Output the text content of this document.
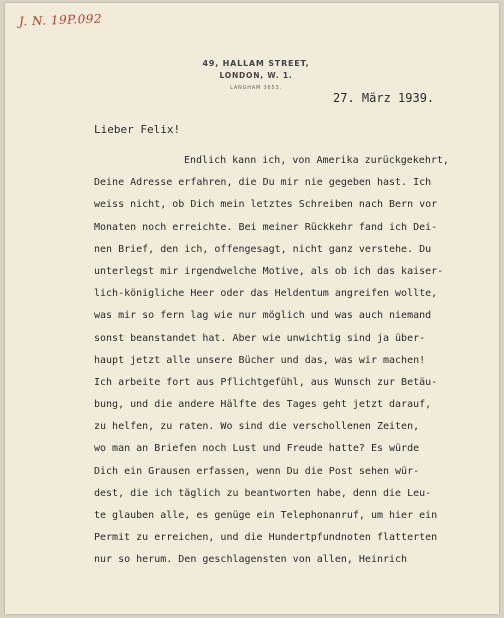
J. N. 19P.092
49, HALLAM STREET,
LONDON, W. 1.
LANGHAM 3653.
27. März 1939.
Lieber Felix!
Endlich kann ich, von Amerika zurückgekehrt,
Deine Adresse erfahren, die Du mir nie gegeben hast. Ich
weiss nicht, ob Dich mein letztes Schreiben nach Bern vor
Monaten noch erreichte. Bei meiner Rückkehr fand ich Dei-
nen Brief, den ich, offengesagt, nicht ganz verstehe. Du
unterlegst mir irgendwelche Motive, als ob ich das kaiser-
lich-königliche Heer oder das Heldentum angreifen wollte,
was mir so fern lag wie nur möglich und was auch niemand
sonst beanstandet hat. Aber wie unwichtig sind ja über-
haupt jetzt alle unsere Bücher und das, was wir machen!
Ich arbeite fort aus Pflichtgefühl, aus Wunsch zur Betäu-
bung, und die andere Hälfte des Tages geht jetzt darauf,
zu helfen, zu raten. Wo sind die verschollenen Zeiten,
wo man an Briefen noch Lust und Freude hatte? Es würde
Dich ein Grausen erfassen, wenn Du die Post sehen wür-
dest, die ich täglich zu beantworten habe, denn die Leu-
te glauben alle, es genüge ein Telephonanruf, um hier ein
Permit zu erreichen, und die Hundertpfundnoten flatterten
nur so herum. Den geschlagensten von allen, Heinrich
